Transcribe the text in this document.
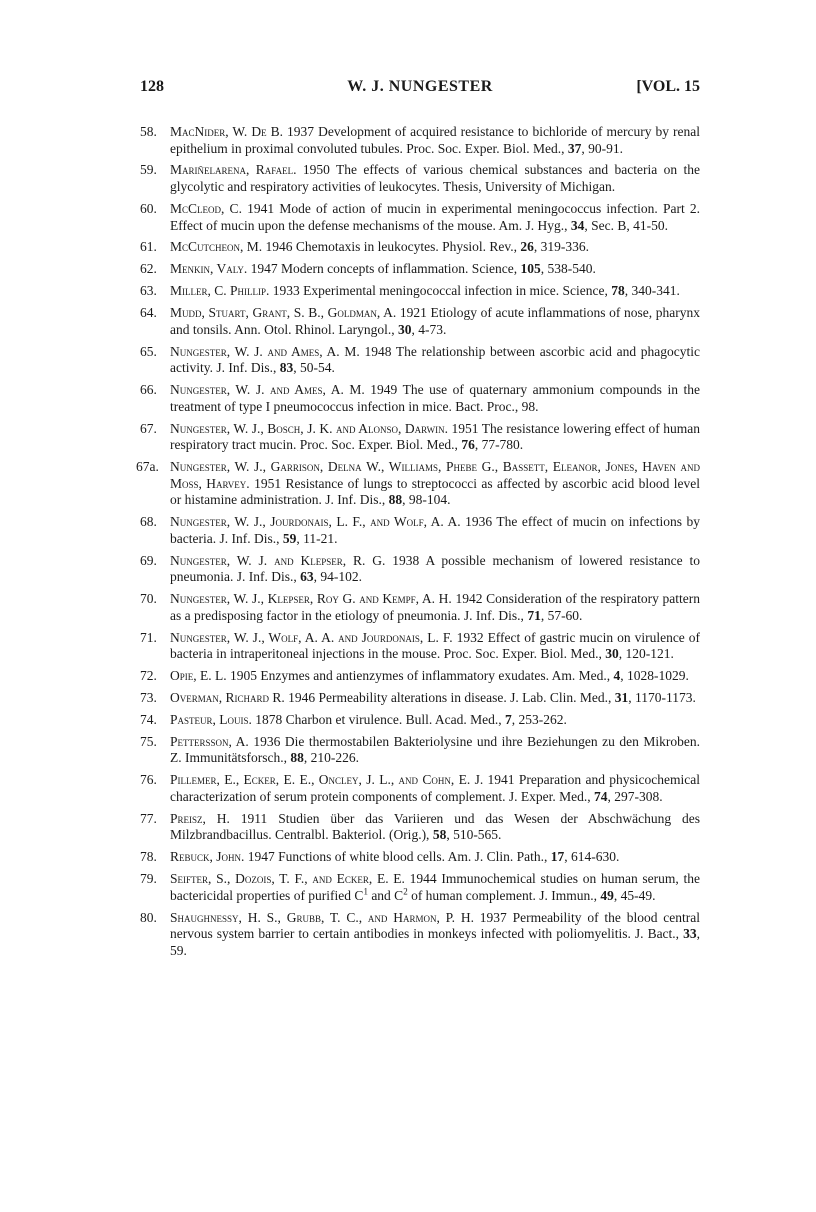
128	W. J. NUNGESTER	[VOL. 15
58. MacNider, W. De B. 1937 Development of acquired resistance to bichloride of mercury by renal epithelium in proximal convoluted tubules. Proc. Soc. Exper. Biol. Med., 37, 90-91.
59. Mariñelarena, Rafael. 1950 The effects of various chemical substances and bacteria on the glycolytic and respiratory activities of leukocytes. Thesis, University of Michigan.
60. McCleod, C. 1941 Mode of action of mucin in experimental meningococcus infection. Part 2. Effect of mucin upon the defense mechanisms of the mouse. Am. J. Hyg., 34, Sec. B, 41-50.
61. McCutcheon, M. 1946 Chemotaxis in leukocytes. Physiol. Rev., 26, 319-336.
62. Menkin, Valy. 1947 Modern concepts of inflammation. Science, 105, 538-540.
63. Miller, C. Phillip. 1933 Experimental meningococcal infection in mice. Science, 78, 340-341.
64. Mudd, Stuart, Grant, S. B., Goldman, A. 1921 Etiology of acute inflammations of nose, pharynx and tonsils. Ann. Otol. Rhinol. Laryngol., 30, 4-73.
65. Nungester, W. J. and Ames, A. M. 1948 The relationship between ascorbic acid and phagocytic activity. J. Inf. Dis., 83, 50-54.
66. Nungester, W. J. and Ames, A. M. 1949 The use of quaternary ammonium compounds in the treatment of type I pneumococcus infection in mice. Bact. Proc., 98.
67. Nungester, W. J., Bosch, J. K. and Alonso, Darwin. 1951 The resistance lowering effect of human respiratory tract mucin. Proc. Soc. Exper. Biol. Med., 76, 77-780.
67a. Nungester, W. J., Garrison, Delna W., Williams, Phebe G., Bassett, Eleanor, Jones, Haven and Moss, Harvey. 1951 Resistance of lungs to streptococci as affected by ascorbic acid blood level or histamine administration. J. Inf. Dis., 88, 98-104.
68. Nungester, W. J., Jourdonais, L. F., and Wolf, A. A. 1936 The effect of mucin on infections by bacteria. J. Inf. Dis., 59, 11-21.
69. Nungester, W. J. and Klepser, R. G. 1938 A possible mechanism of lowered resistance to pneumonia. J. Inf. Dis., 63, 94-102.
70. Nungester, W. J., Klepser, Roy G. and Kempf, A. H. 1942 Consideration of the respiratory pattern as a predisposing factor in the etiology of pneumonia. J. Inf. Dis., 71, 57-60.
71. Nungester, W. J., Wolf, A. A. and Jourdonais, L. F. 1932 Effect of gastric mucin on virulence of bacteria in intraperitoneal injections in the mouse. Proc. Soc. Exper. Biol. Med., 30, 120-121.
72. Opie, E. L. 1905 Enzymes and antienzymes of inflammatory exudates. Am. Med., 4, 1028-1029.
73. Overman, Richard R. 1946 Permeability alterations in disease. J. Lab. Clin. Med., 31, 1170-1173.
74. Pasteur, Louis. 1878 Charbon et virulence. Bull. Acad. Med., 7, 253-262.
75. Pettersson, A. 1936 Die thermostabilen Bakteriolysine und ihre Beziehungen zu den Mikroben. Z. Immunitätsforsch., 88, 210-226.
76. Pillemer, E., Ecker, E. E., Oncley, J. L., and Cohn, E. J. 1941 Preparation and physicochemical characterization of serum protein components of complement. J. Exper. Med., 74, 297-308.
77. Preisz, H. 1911 Studien über das Variieren und das Wesen der Abschwächung des Milzbrandbacillus. Centralbl. Bakteriol. (Orig.), 58, 510-565.
78. Rebuck, John. 1947 Functions of white blood cells. Am. J. Clin. Path., 17, 614-630.
79. Seifter, S., Dozois, T. F., and Ecker, E. E. 1944 Immunochemical studies on human serum, the bactericidal properties of purified $C^1$ and $C^2$ of human complement. J. Immun., 49, 45-49.
80. Shaughnessy, H. S., Grubb, T. C., and Harmon, P. H. 1937 Permeability of the blood central nervous system barrier to certain antibodies in monkeys infected with poliomyelitis. J. Bact., 33, 59.
